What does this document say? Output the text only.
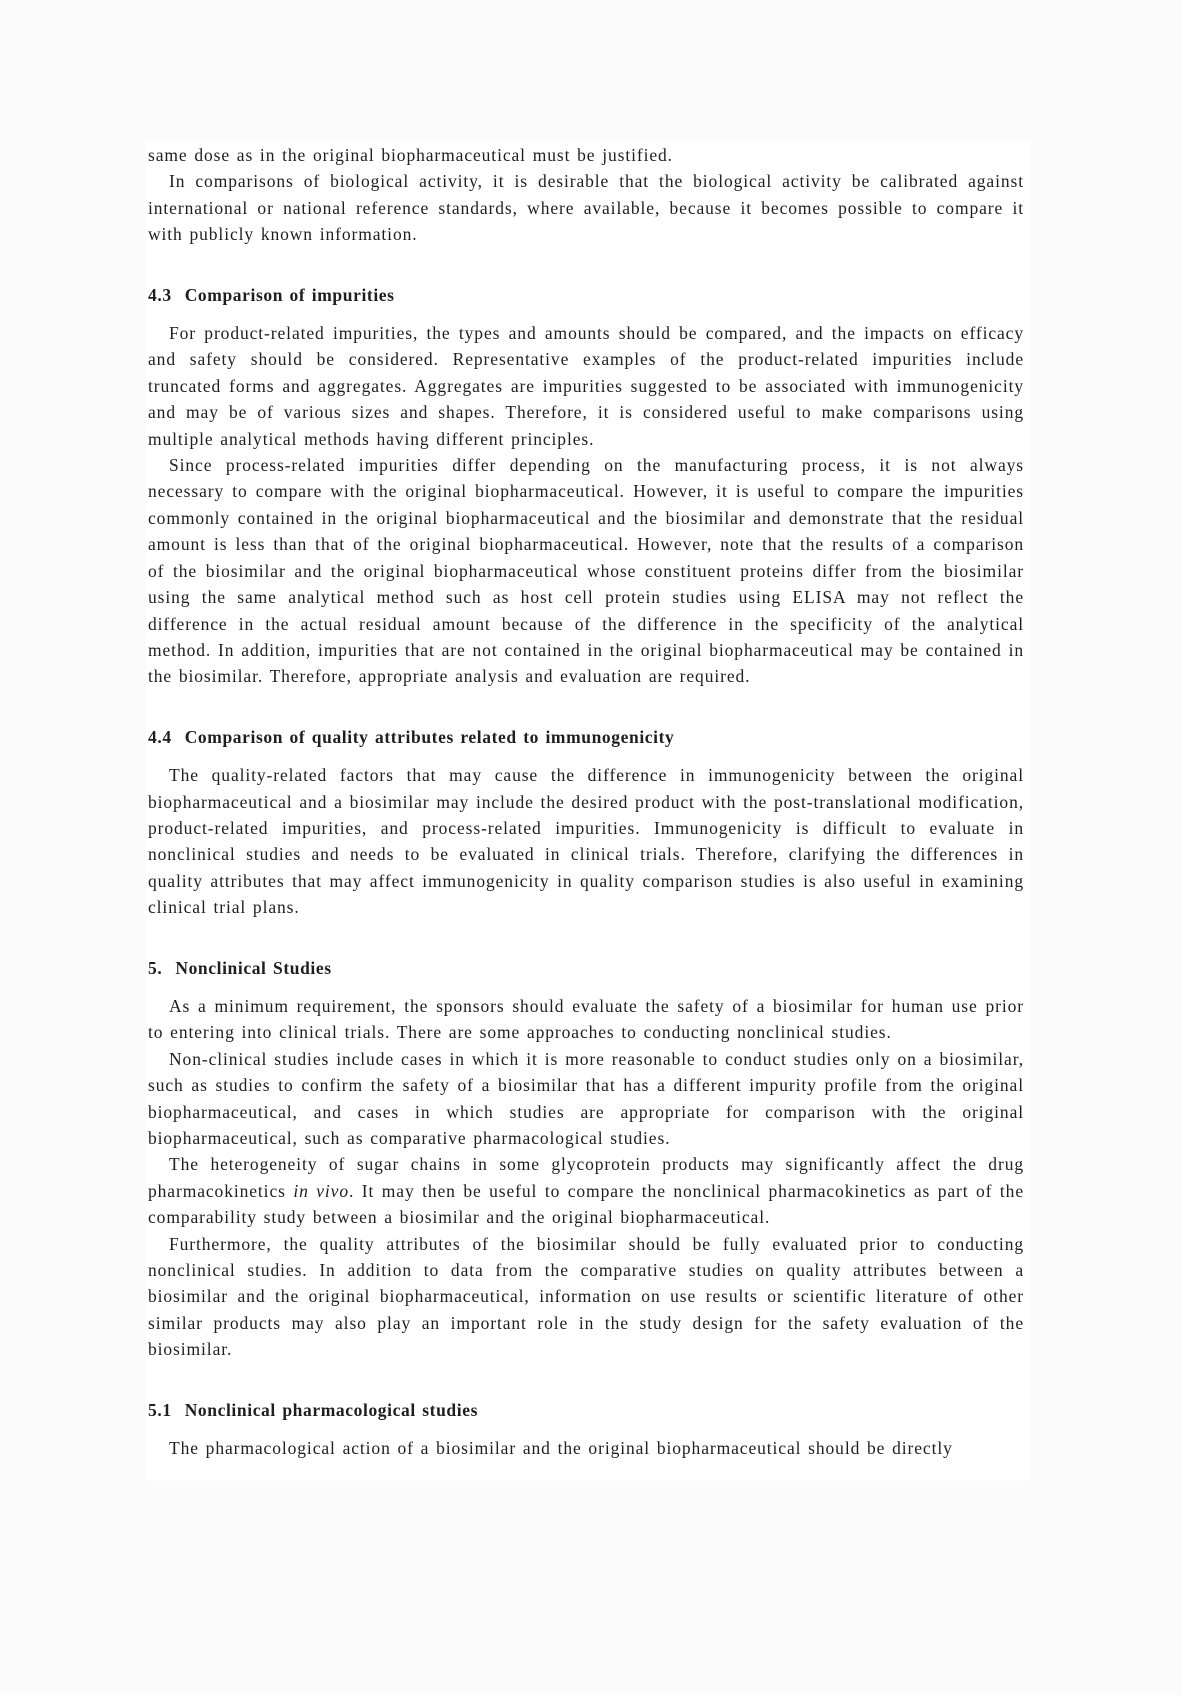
same dose as in the original biopharmaceutical must be justified.

In comparisons of biological activity, it is desirable that the biological activity be calibrated against international or national reference standards, where available, because it becomes possible to compare it with publicly known information.

4.3 Comparison of impurities

For product-related impurities, the types and amounts should be compared, and the impacts on efficacy and safety should be considered. Representative examples of the product-related impurities include truncated forms and aggregates. Aggregates are impurities suggested to be associated with immunogenicity and may be of various sizes and shapes. Therefore, it is considered useful to make comparisons using multiple analytical methods having different principles.

Since process-related impurities differ depending on the manufacturing process, it is not always necessary to compare with the original biopharmaceutical. However, it is useful to compare the impurities commonly contained in the original biopharmaceutical and the biosimilar and demonstrate that the residual amount is less than that of the original biopharmaceutical. However, note that the results of a comparison of the biosimilar and the original biopharmaceutical whose constituent proteins differ from the biosimilar using the same analytical method such as host cell protein studies using ELISA may not reflect the difference in the actual residual amount because of the difference in the specificity of the analytical method. In addition, impurities that are not contained in the original biopharmaceutical may be contained in the biosimilar. Therefore, appropriate analysis and evaluation are required.

4.4 Comparison of quality attributes related to immunogenicity

The quality-related factors that may cause the difference in immunogenicity between the original biopharmaceutical and a biosimilar may include the desired product with the post-translational modification, product-related impurities, and process-related impurities. Immunogenicity is difficult to evaluate in nonclinical studies and needs to be evaluated in clinical trials. Therefore, clarifying the differences in quality attributes that may affect immunogenicity in quality comparison studies is also useful in examining clinical trial plans.

5. Nonclinical Studies

As a minimum requirement, the sponsors should evaluate the safety of a biosimilar for human use prior to entering into clinical trials. There are some approaches to conducting nonclinical studies.

Non-clinical studies include cases in which it is more reasonable to conduct studies only on a biosimilar, such as studies to confirm the safety of a biosimilar that has a different impurity profile from the original biopharmaceutical, and cases in which studies are appropriate for comparison with the original biopharmaceutical, such as comparative pharmacological studies.

The heterogeneity of sugar chains in some glycoprotein products may significantly affect the drug pharmacokinetics in vivo. It may then be useful to compare the nonclinical pharmacokinetics as part of the comparability study between a biosimilar and the original biopharmaceutical.

Furthermore, the quality attributes of the biosimilar should be fully evaluated prior to conducting nonclinical studies. In addition to data from the comparative studies on quality attributes between a biosimilar and the original biopharmaceutical, information on use results or scientific literature of other similar products may also play an important role in the study design for the safety evaluation of the biosimilar.

5.1 Nonclinical pharmacological studies

The pharmacological action of a biosimilar and the original biopharmaceutical should be directly
